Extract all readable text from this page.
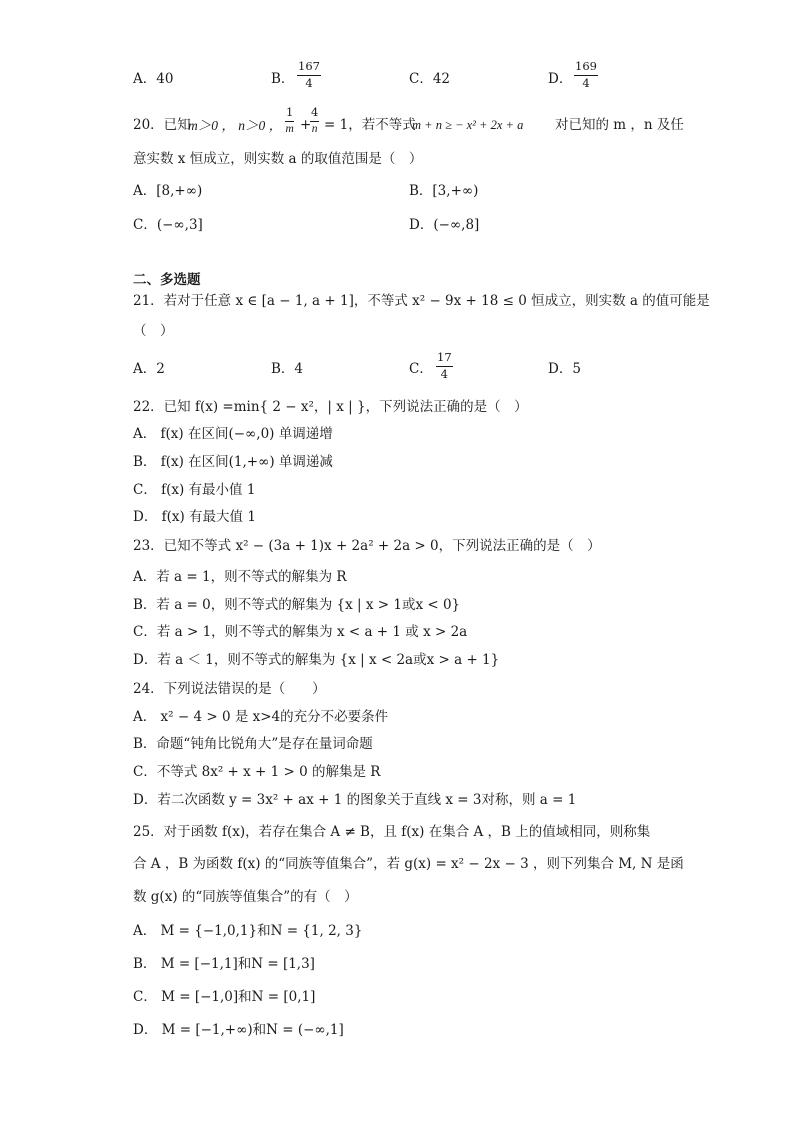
A．40	B． $\frac{167}{4}$	C．42	D． $\frac{169}{4}$
20．已知
m＞0 ， n＞0 ， $\frac{1}{m}$ +
$\frac{4}{n} = 1$，若不等式
m + n ≥ − x² + 2x + a 对已知的 m ，n 及任
意实数 x 恒成立，则实数 a 的取值范围是（　）
A．[8,+∞)	B．[3,+∞)
C．(−∞,3]	D．(−∞,8]
二、多选题
21．若对于任意 x ∈ [a − 1, a + 1]，不等式 x² − 9x + 18 ≤ 0 恒成立，则实数 a 的值可能是
（　）
A．2	B．4	C． $\frac{17}{4}$	D．5
22．已知 f(x) =min{ 2 − x²，| x | }，下列说法正确的是（　）
A． f(x) 在区间(−∞,0) 单调递增
B． f(x) 在区间(1,+∞) 单调递减
C． f(x) 有最小值 1
D． f(x) 有最大值 1
23．已知不等式 x² − (3a + 1)x + 2a² + 2a > 0，下列说法正确的是（　）
A．若 a = 1，则不等式的解集为 R
B．若 a = 0，则不等式的解集为 {x | x > 1或x < 0}
C．若 a > 1，则不等式的解集为 x < a + 1 或 x > 2a
D．若 a ＜ 1，则不等式的解集为 {x | x < 2a或x > a + 1}
24．下列说法错误的是（　　）
A． x² − 4 > 0 是 x>4的充分不必要条件
B．命题“钝角比锐角大”是存在量词命题
C．不等式 8x² + x + 1 > 0 的解集是 R
D．若二次函数 y = 3x² + ax + 1 的图象关于直线 x = 3对称，则 a = 1
25．对于函数 f(x)，若存在集合 A ≠ B，且 f(x) 在集合 A ，B 上的值域相同，则称集
合 A ，B 为函数 f(x) 的“同族等值集合”，若 g(x) = x² − 2x − 3 ，则下列集合 M, N 是函
数 g(x) 的“同族等值集合”的有（　）
A． M = {−1,0,1}和N = {1, 2, 3}
B． M = [−1,1]和N = [1,3]
C． M = [−1,0]和N = [0,1]
D． M = [−1,+∞)和N = (−∞,1]
